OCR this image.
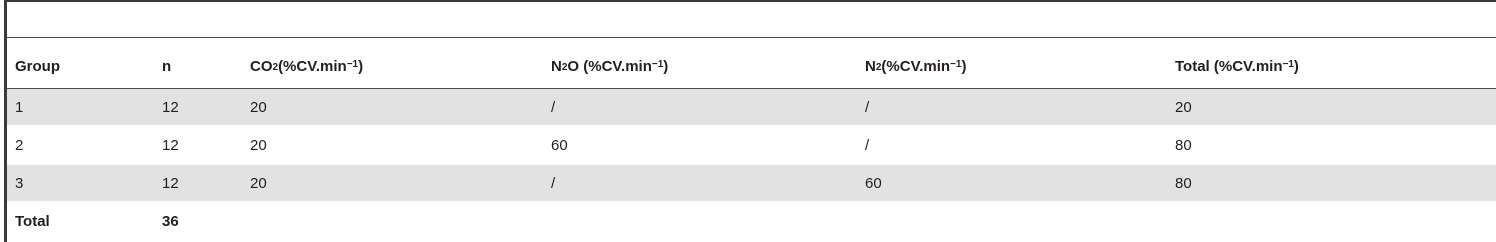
Group	n	$CO_2$ ($\%CV.\min^{-1}$ )	$N_2$ O ($\%CV.\min^{-1}$ )	$N_2$ ($\%CV.\min^{-1}$ )	Total ($\%CV.\min^{-1}$ )
1	12	20	/	/	20
2	12	20	60	/	80
3	12	20	/	60	80
Total	36
